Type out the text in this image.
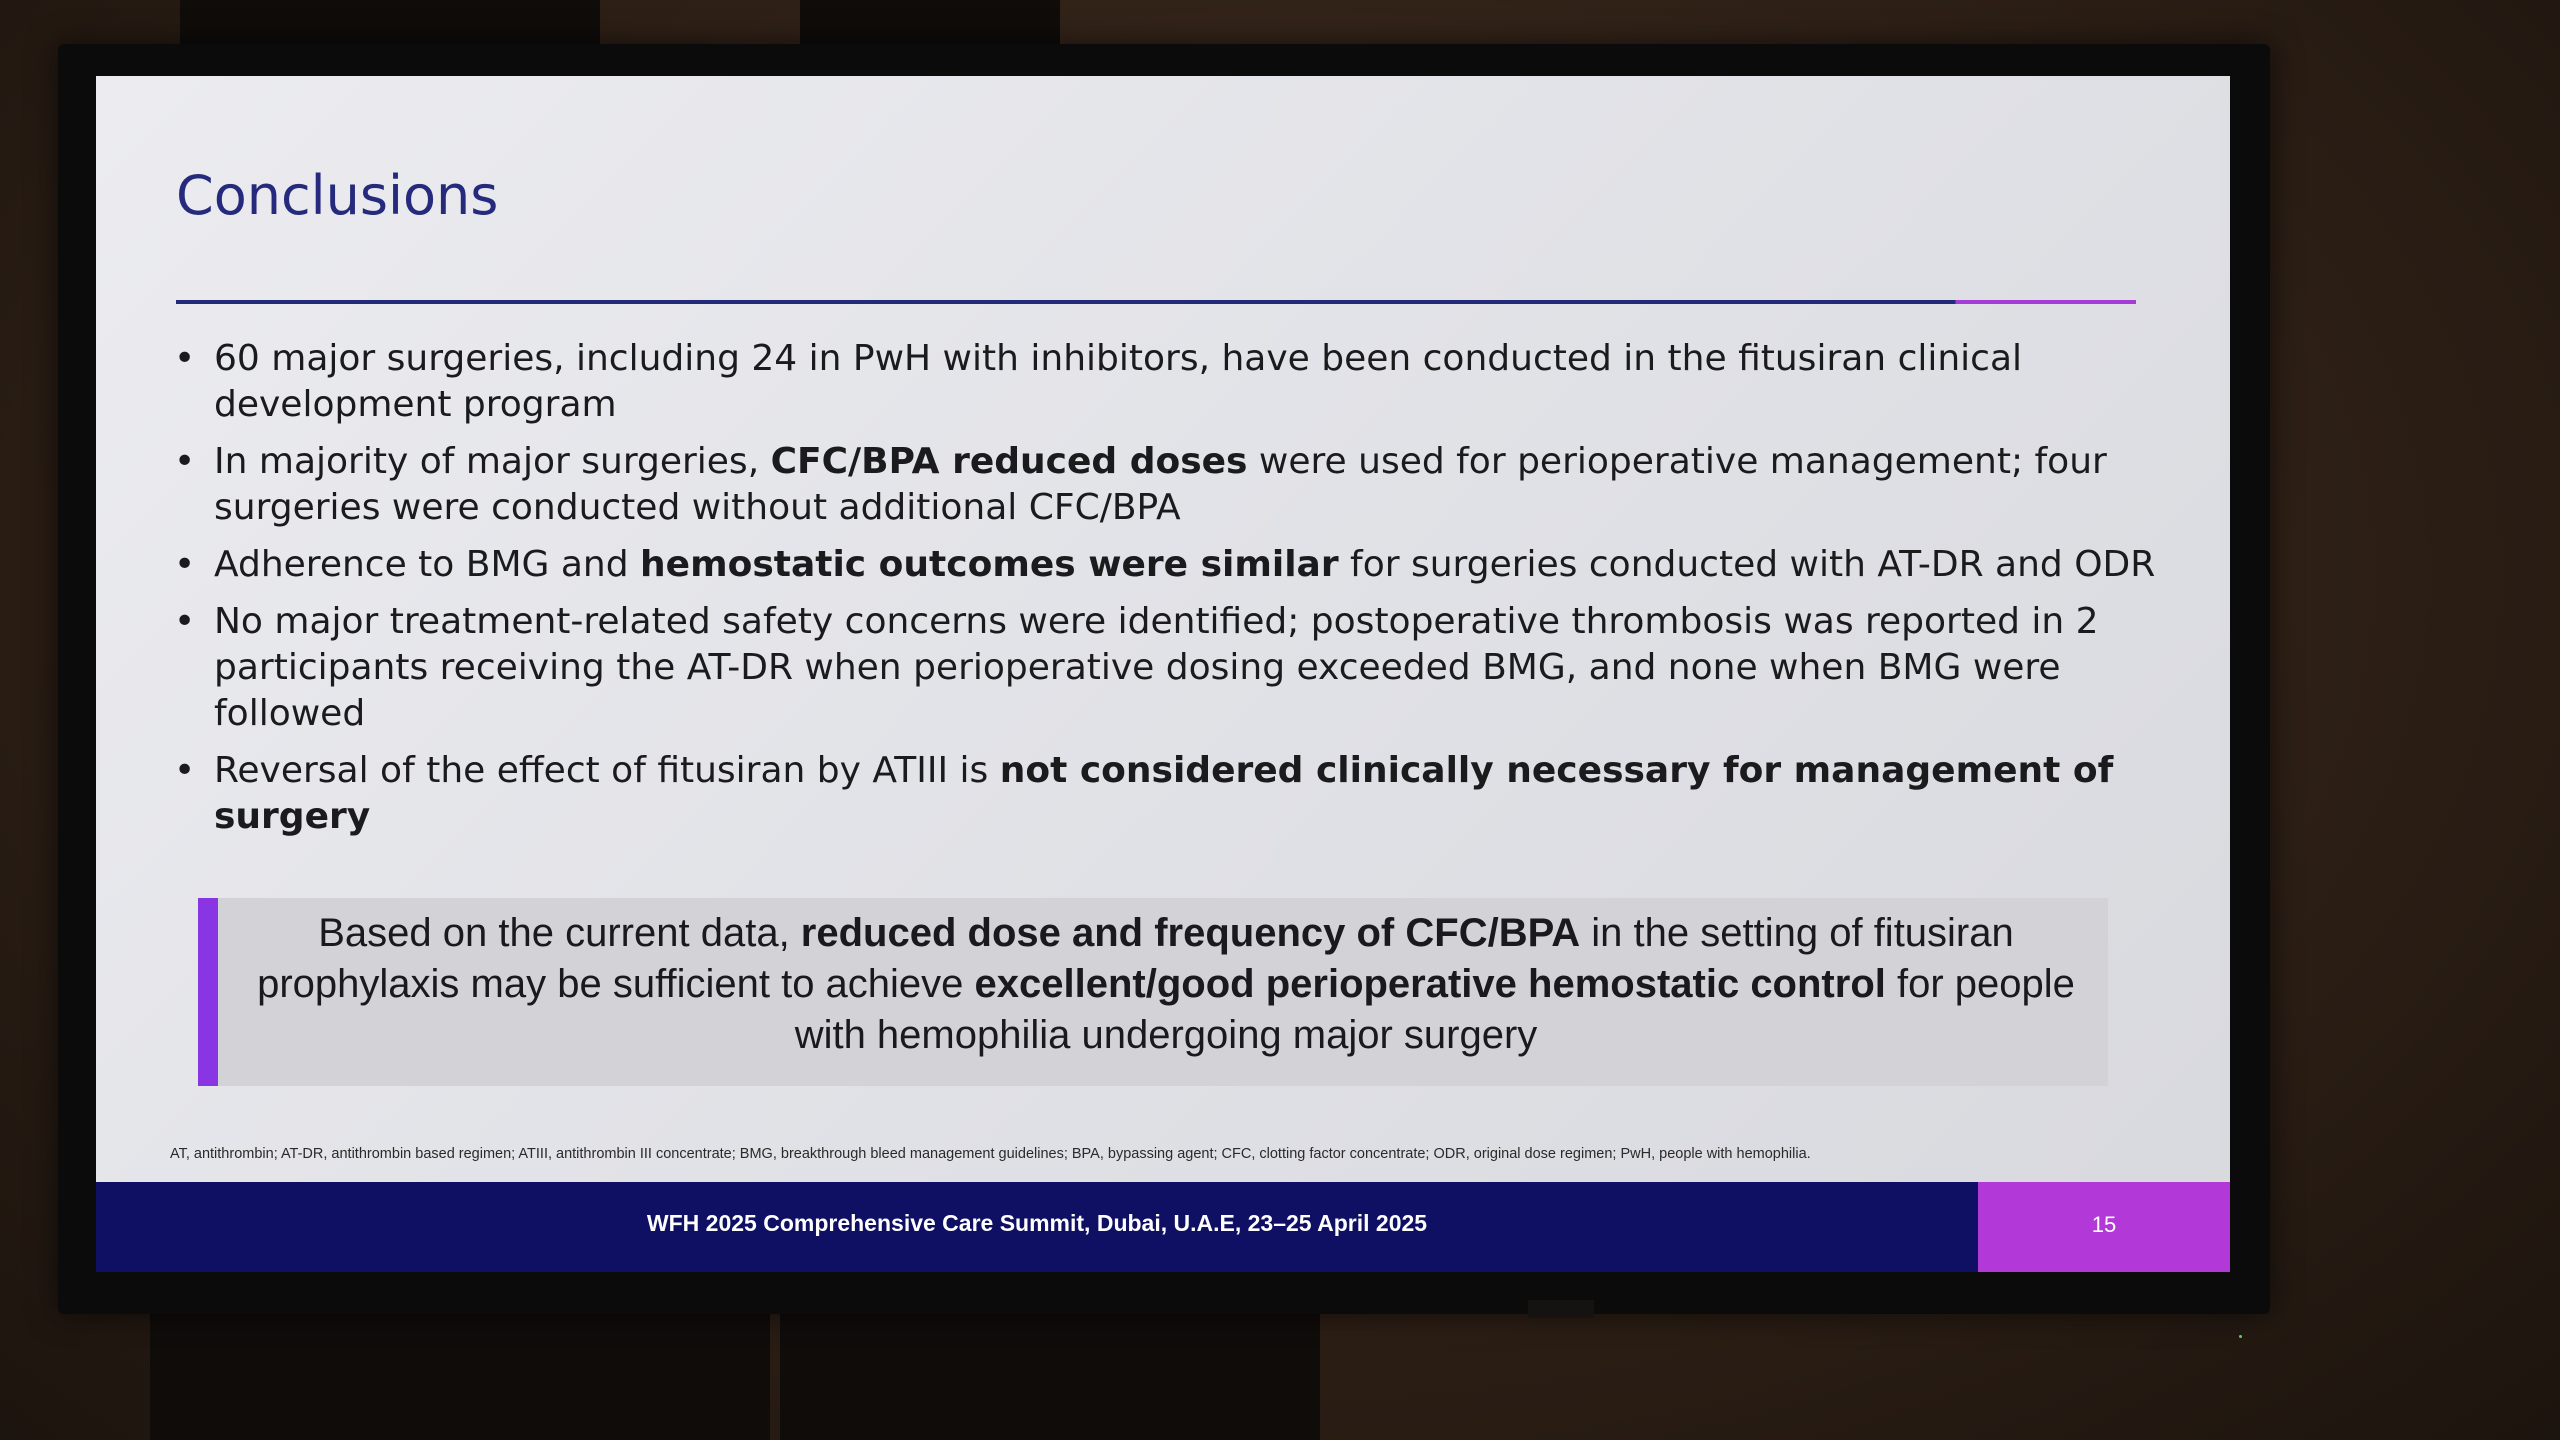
Conclusions
• 60 major surgeries, including 24 in PwH with inhibitors, have been conducted in the fitusiran clinical development program
• In majority of major surgeries, CFC/BPA reduced doses were used for perioperative management; four surgeries were conducted without additional CFC/BPA
• Adherence to BMG and hemostatic outcomes were similar for surgeries conducted with AT-DR and ODR
• No major treatment-related safety concerns were identified; postoperative thrombosis was reported in 2 participants receiving the AT-DR when perioperative dosing exceeded BMG, and none when BMG were followed
• Reversal of the effect of fitusiran by ATIII is not considered clinically necessary for management of surgery
Based on the current data, reduced dose and frequency of CFC/BPA in the setting of fitusiran prophylaxis may be sufficient to achieve excellent/good perioperative hemostatic control for people with hemophilia undergoing major surgery
AT, antithrombin; AT-DR, antithrombin based regimen; ATIII, antithrombin III concentrate; BMG, breakthrough bleed management guidelines; BPA, bypassing agent; CFC, clotting factor concentrate; ODR, original dose regimen; PwH, people with hemophilia.
WFH 2025 Comprehensive Care Summit, Dubai, U.A.E, 23–25 April 2025	15
